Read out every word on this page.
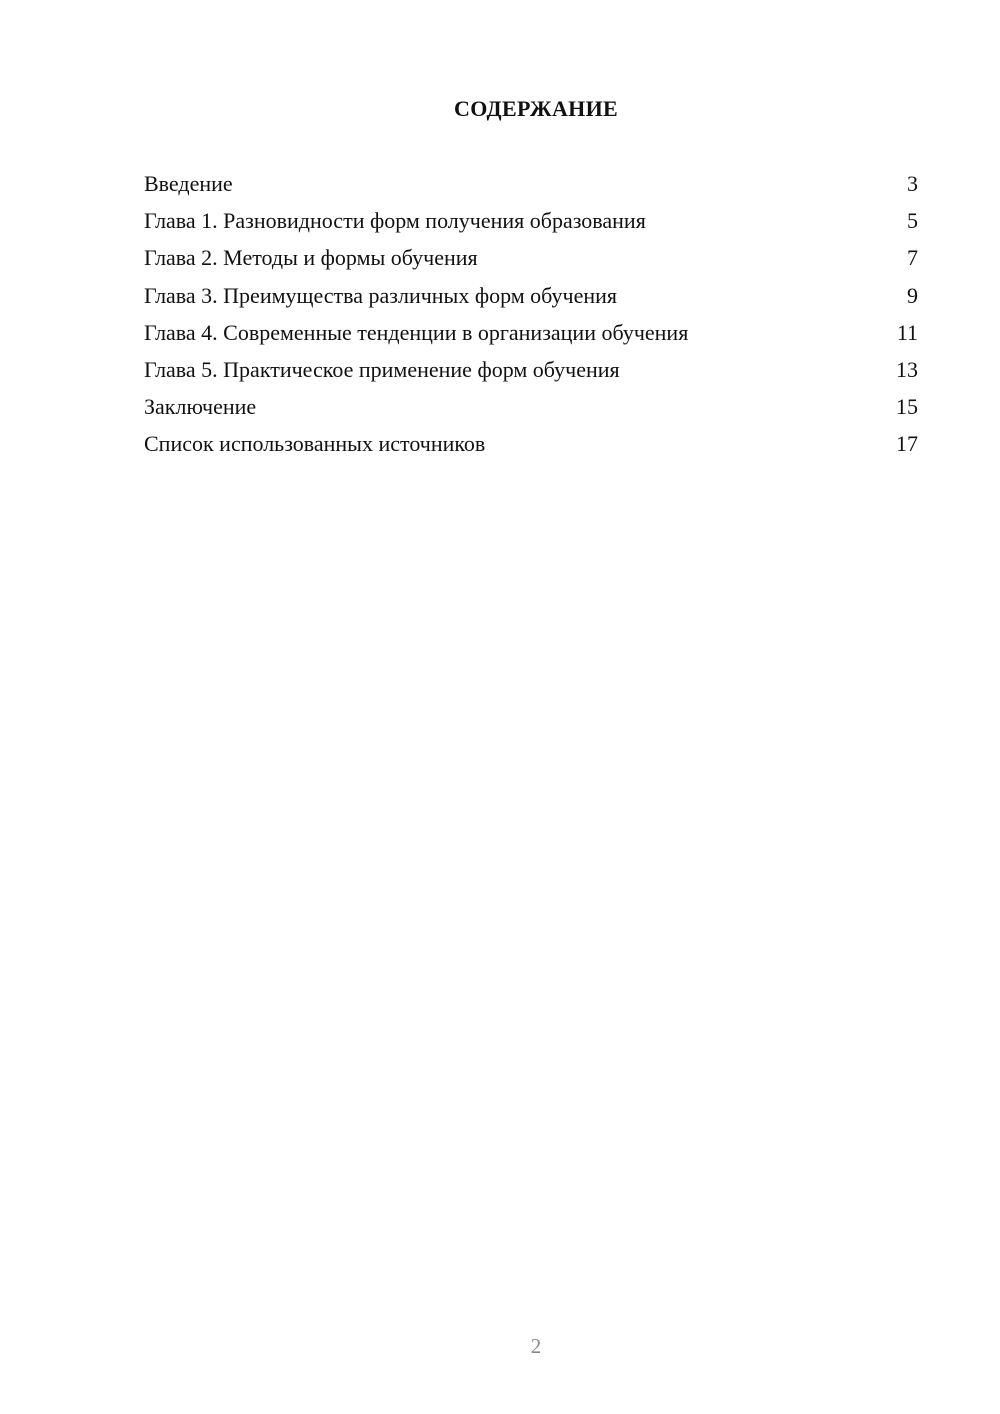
СОДЕРЖАНИЕ
Введение	3
Глава 1. Разновидности форм получения образования	5
Глава 2. Методы и формы обучения	7
Глава 3. Преимущества различных форм обучения	9
Глава 4. Современные тенденции в организации обучения	11
Глава 5. Практическое применение форм обучения	13
Заключение	15
Список использованных источников	17
2
